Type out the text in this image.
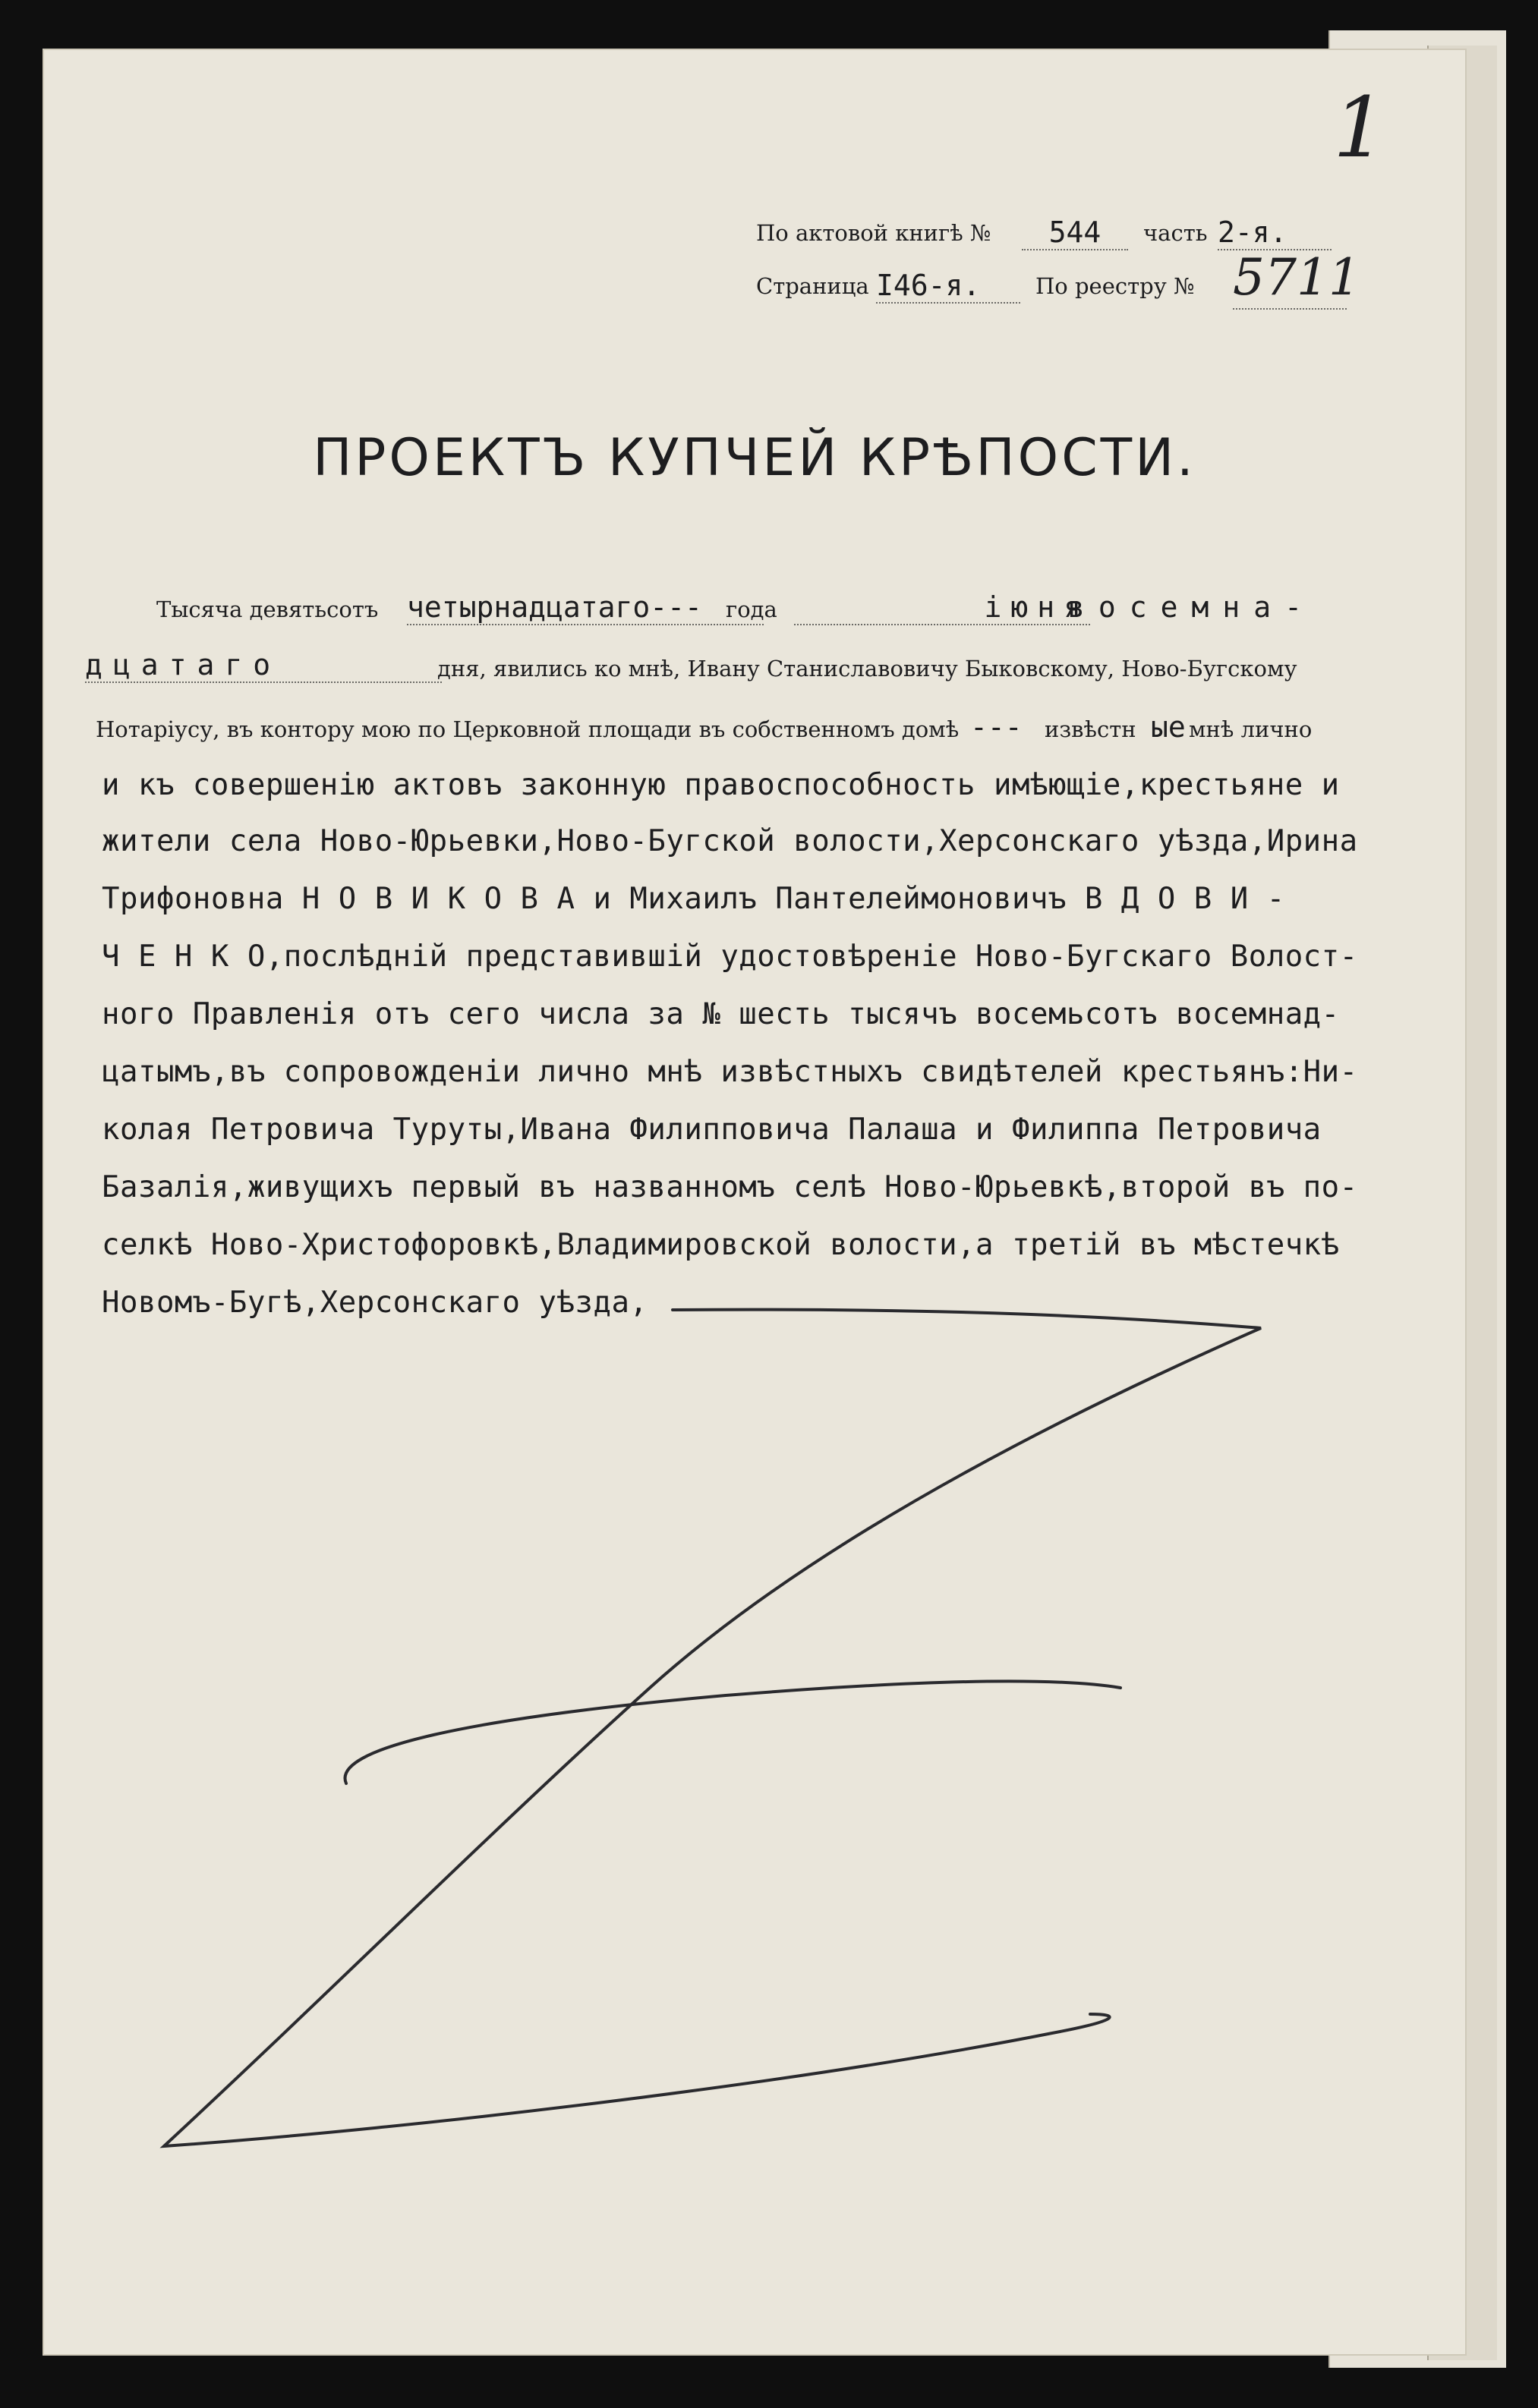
1
По актовой книгѣ №	544	часть 2-я.
Страница I46-я.	По реестру № 5711
ПРОЕКТЪ КУПЧЕЙ КРѢПОСТИ.
Тысяча девятьсотъ четырнадцатаго---	года	іюня
восемна-
дцатаго	дня, явились ко мнѣ, Ивану Станиславовичу Быковскому, Ново-Бугскому
Нотаріусу, въ контору мою по Церковной площади въ собственномъ домѣ --- извѣстн ые мнѣ лично
и къ совершенію актовъ законную правоспособность имѣющіе,крестьяне и
жители села Ново-Юрьевки,Ново-Бугской волости,Херсонскаго уѣзда,Ирина
Трифоновна Н О В И К О В А и Михаилъ Пантелеймоновичъ В Д О В И -
Ч Е Н К О,послѣдній представившій удостовѣреніе Ново-Бугскаго Волост-
ного Правленія отъ сего числа за № шесть тысячъ восемьсотъ восемнад-
цатымъ,въ сопровожденіи лично мнѣ извѣстныхъ свидѣтелей крестьянъ:Ни-
колая Петровича Туруты,Ивана Филипповича Палаша и Филиппа Петровича
Базалія,живущихъ первый въ названномъ селѣ Ново-Юрьевкѣ,второй въ по-
селкѣ Ново-Христофоровкѣ,Владимировской волости,а третій въ мѣстечкѣ
Новомъ-Бугѣ,Херсонскаго уѣзда,
